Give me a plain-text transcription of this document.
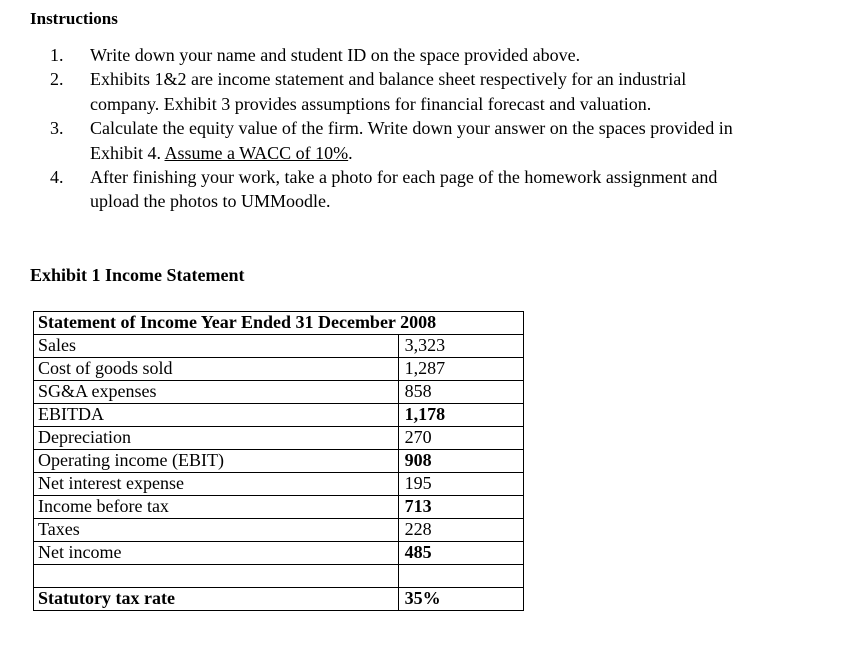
Instructions
1. Write down your name and student ID on the space provided above.
2. Exhibits 1&2 are income statement and balance sheet respectively for an industrial
company. Exhibit 3 provides assumptions for financial forecast and valuation.
3. Calculate the equity value of the firm. Write down your answer on the spaces provided in
Exhibit 4. Assume a WACC of 10%.
4. After finishing your work, take a photo for each page of the homework assignment and
upload the photos to UMMoodle.
Exhibit 1 Income Statement
Statement of Income Year Ended 31 December 2008	
Sales	3,323
Cost of goods sold	1,287
SG&A expenses	858
EBITDA	1,178
Depreciation	270
Operating income (EBIT)	908
Net interest expense	195
Income before tax	713
Taxes	228
Net income	485

Statutory tax rate	35%
